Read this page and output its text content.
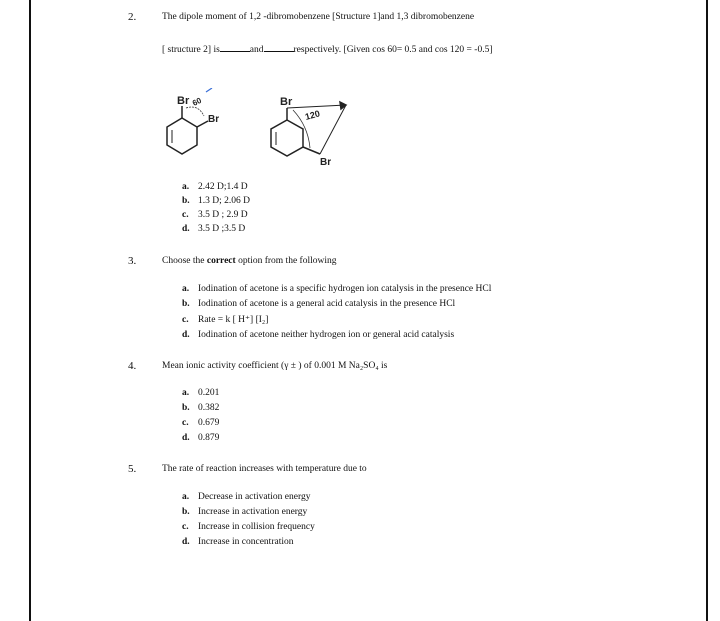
2.	The dipole moment of 1,2 -dibromobenzene [Structure 1]and 1,3 dibromobenzene
[ structure 2] is	and	respectively. [Given cos 60= 0.5 and cos 120 = -0.5]
Br 60
Br
Br
120
Br
a. 2.42 D;1.4 D
b. 1.3 D; 2.06 D
c. 3.5 D ; 2.9 D
d. 3.5 D ;3.5 D
3.	Choose the correct option from the following
a. Iodination of acetone is a specific hydrogen ion catalysis in the presence HCl
b. Iodination of acetone is a general acid catalysis in the presence HCl
c. Rate = k [ H⁺] [I₂]
d. Iodination of acetone neither hydrogen ion or general acid catalysis
4.	Mean ionic activity coefficient (γ ± ) of 0.001 M Na₂SO₄ is
a. 0.201
b. 0.382
c. 0.679
d. 0.879
5.	The rate of reaction increases with temperature due to
a. Decrease in activation energy
b. Increase in activation energy
c. Increase in collision frequency
d. Increase in concentration
